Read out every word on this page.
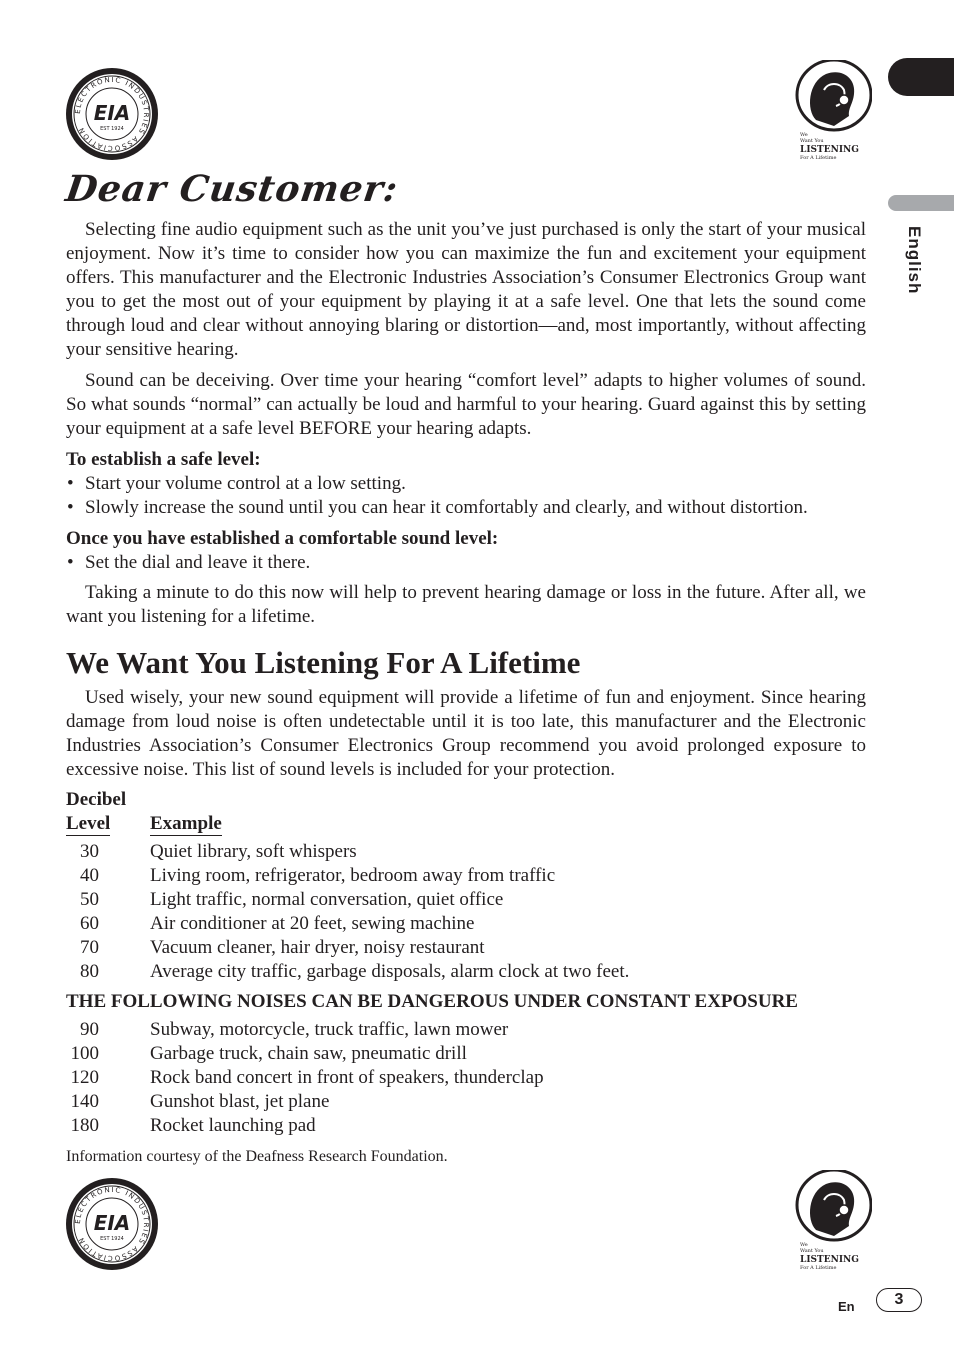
English
ELECTRONIC INDUSTRIES ASSOCIATION
EIA
EST 1924
We
Want You
LISTENING
For A Lifetime
Dear Customer:

Selecting fine audio equipment such as the unit you’ve just purchased is only the start of your musical enjoyment. Now it’s time to consider how you can maximize the fun and excitement your equipment offers. This manufacturer and the Electronic Industries Association’s Consumer Electronics Group want you to get the most out of your equipment by playing it at a safe level. One that lets the sound come through loud and clear without annoying blaring or distortion—and, most importantly, without affecting your sensitive hearing.

Sound can be deceiving. Over time your hearing “comfort level” adapts to higher volumes of sound. So what sounds “normal” can actually be loud and harmful to your hearing. Guard against this by setting your equipment at a safe level BEFORE your hearing adapts.

To establish a safe level:

• Start your volume control at a low setting.
• Slowly increase the sound until you can hear it comfortably and clearly, and without distortion.

Once you have established a comfortable sound level:

• Set the dial and leave it there.

Taking a minute to do this now will help to prevent hearing damage or loss in the future. After all, we want you listening for a lifetime.

We Want You Listening For A Lifetime

Used wisely, your new sound equipment will provide a lifetime of fun and enjoyment. Since hearing damage from loud noise is often undetectable until it is too late, this manufacturer and the Electronic Industries Association’s Consumer Electronics Group recommend you avoid prolonged exposure to excessive noise. This list of sound levels is included for your protection.

Decibel
Level Example
30	Quiet library, soft whispers
40	Living room, refrigerator, bedroom away from traffic
50	Light traffic, normal conversation, quiet office
60	Air conditioner at 20 feet, sewing machine
70	Vacuum cleaner, hair dryer, noisy restaurant
80	Average city traffic, garbage disposals, alarm clock at two feet.
THE FOLLOWING NOISES CAN BE DANGEROUS UNDER CONSTANT EXPOSURE
90	Subway, motorcycle, truck traffic, lawn mower
100	Garbage truck, chain saw, pneumatic drill
120	Rock band concert in front of speakers, thunderclap
140	Gunshot blast, jet plane
180	Rocket launching pad
Information courtesy of the Deafness Research Foundation.
ELECTRONIC INDUSTRIES ASSOCIATION
EIA
EST 1924
We
Want You
LISTENING
For A Lifetime
En	3
